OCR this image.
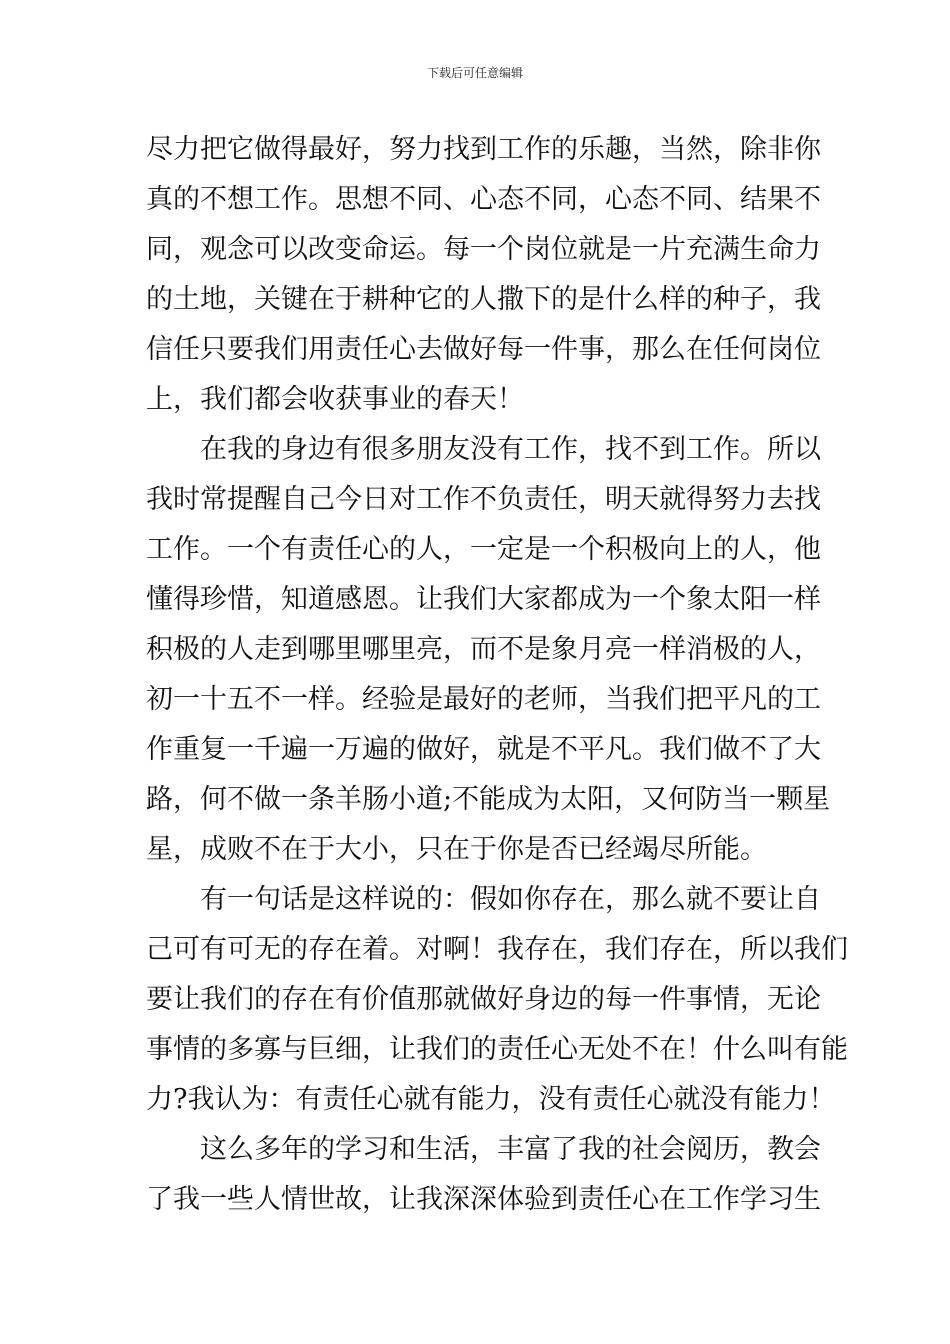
下载后可任意编辑
尽力把它做得最好，努力找到工作的乐趣，当然，除非你
真的不想工作。思想不同、心态不同，心态不同、结果不
同，观念可以改变命运。每一个岗位就是一片充满生命力
的土地，关键在于耕种它的人撒下的是什么样的种子，我
信任只要我们用责任心去做好每一件事，那么在任何岗位
上，我们都会收获事业的春天！
在我的身边有很多朋友没有工作，找不到工作。所以
我时常提醒自己今日对工作不负责任，明天就得努力去找
工作。一个有责任心的人，一定是一个积极向上的人，他
懂得珍惜，知道感恩。让我们大家都成为一个象太阳一样
积极的人走到哪里哪里亮，而不是象月亮一样消极的人，
初一十五不一样。经验是最好的老师，当我们把平凡的工
作重复一千遍一万遍的做好，就是不平凡。我们做不了大
路，何不做一条羊肠小道;不能成为太阳，又何防当一颗星
星，成败不在于大小，只在于你是否已经竭尽所能。
有一句话是这样说的：假如你存在，那么就不要让自
己可有可无的存在着。对啊！我存在，我们存在，所以我们
要让我们的存在有价值那就做好身边的每一件事情，无论
事情的多寡与巨细，让我们的责任心无处不在！什么叫有能
力?我认为：有责任心就有能力，没有责任心就没有能力！
这么多年的学习和生活，丰富了我的社会阅历，教会
了我一些人情世故，让我深深体验到责任心在工作学习生
